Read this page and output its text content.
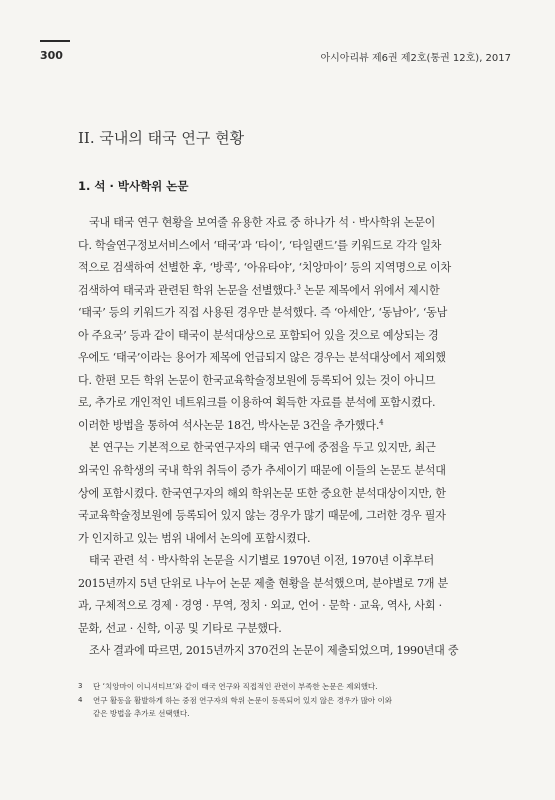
300	아시아리뷰 제6권 제2호(통권 12호), 2017
II. 국내의 태국 연구 현황
1. 석 · 박사학위 논문

국내 태국 연구 현황을 보여줄 유용한 자료 중 하나가 석 · 박사학위 논문이
다. 학술연구정보서비스에서 ‘태국’과 ‘타이’, ‘타일랜드’를 키워드로 각각 일차
적으로 검색하여 선별한 후, ‘방콕’, ‘아유타야’, ‘치앙마이’ 등의 지역명으로 이차
검색하여 태국과 관련된 학위 논문을 선별했다.$^3$ 논문 제목에서 위에서 제시한
‘태국’ 등의 키워드가 직접 사용된 경우만 분석했다. 즉 ‘아세안’, ‘동남아’, ‘동남
아 주요국’ 등과 같이 태국이 분석대상으로 포함되어 있을 것으로 예상되는 경
우에도 ‘태국’이라는 용어가 제목에 언급되지 않은 경우는 분석대상에서 제외했
다. 한편 모든 학위 논문이 한국교육학술정보원에 등록되어 있는 것이 아니므
로, 추가로 개인적인 네트워크를 이용하여 획득한 자료를 분석에 포함시켰다.
이러한 방법을 통하여 석사논문 18건, 박사논문 3건을 추가했다.$^4$

본 연구는 기본적으로 한국연구자의 태국 연구에 중점을 두고 있지만, 최근
외국인 유학생의 국내 학위 취득이 증가 추세이기 때문에 이들의 논문도 분석대
상에 포함시켰다. 한국연구자의 해외 학위논문 또한 중요한 분석대상이지만, 한
국교육학술정보원에 등록되어 있지 않는 경우가 많기 때문에, 그러한 경우 필자
가 인지하고 있는 범위 내에서 논의에 포함시켰다.

태국 관련 석 · 박사학위 논문을 시기별로 1970년 이전, 1970년 이후부터
2015년까지 5년 단위로 나누어 논문 제출 현황을 분석했으며, 분야별로 7개 분
과, 구체적으로 경제 · 경영 · 무역, 정치 · 외교, 언어 · 문학 · 교육, 역사, 사회 ·
문화, 선교 · 신학, 이공 및 기타로 구분했다.

조사 결과에 따르면, 2015년까지 370건의 논문이 제출되었으며, 1990년대 중

3 단 ‘치앙마이 이니셔티브’와 같이 태국 연구와 직접적인 관련이 부족한 논문은 제외했다.
4 연구 활동을 활발하게 하는 중점 연구자의 학위 논문이 등록되어 있지 않은 경우가 많아 이와
같은 방법을 추가로 선택했다.
